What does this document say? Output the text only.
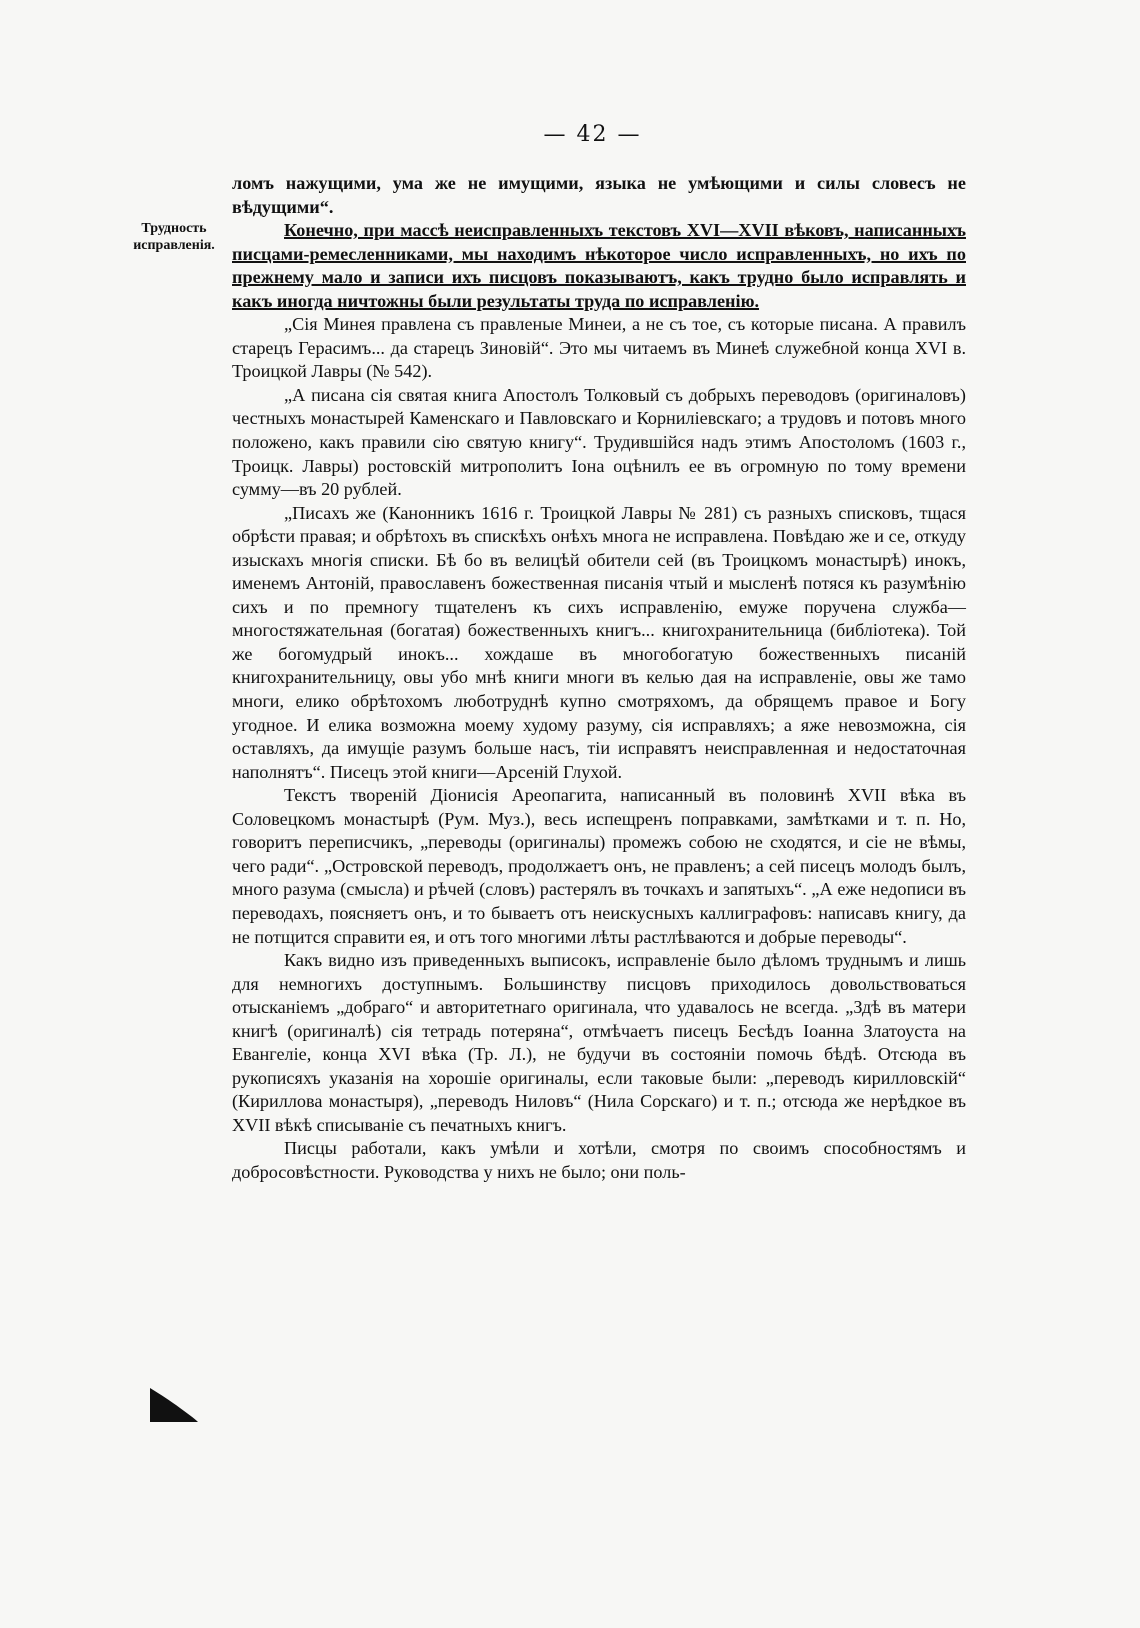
— 42 —
Трудность исправленія.

ломъ нажущими, ума же не имущими, языка не умѣющими и силы словесъ не вѣдущими“.

Конечно, при массѣ неисправленныхъ текстовъ XVI—XVII вѣковъ, написанныхъ писцами-ремесленниками, мы находимъ нѣкоторое число исправленныхъ, но ихъ по прежнему мало и записи ихъ писцовъ показываютъ, какъ трудно было исправлять и какъ иногда ничтожны были результаты труда по исправленію.

„Сія Минея правлена съ правленые Минеи, а не съ тое, съ которые писана. А правилъ старецъ Герасимъ... да старецъ Зиновій“. Это мы читаемъ въ Минеѣ служебной конца XVI в. Троицкой Лавры (№ 542).

„А писана сія святая книга Апостолъ Толковый съ добрыхъ переводовъ (оригиналовъ) честныхъ монастырей Каменскаго и Павловскаго и Корниліевскаго; а трудовъ и потовъ много положено, какъ правили сію святую книгу“. Трудившійся надъ этимъ Апостоломъ (1603 г., Троицк. Лавры) ростовскій митрополитъ Іона оцѣнилъ ее въ огромную по тому времени сумму—въ 20 рублей.

„Писахъ же (Канонникъ 1616 г. Троицкой Лавры № 281) съ разныхъ списковъ, тщася обрѣсти правая; и обрѣтохъ въ спискѣхъ онѣхъ многа не исправлена. Повѣдаю же и се, откуду изыскахъ многія списки. Бѣ бо въ велицѣй обители сей (въ Троицкомъ монастырѣ) инокъ, именемъ Антоній, православенъ божественная писанія чтый и мысленѣ потяся къ разумѣнію сихъ и по премногу тщателенъ къ сихъ исправленію, емуже поручена служба—многостяжательная (богатая) божественныхъ книгъ... книгохранительница (библіотека). Той же богомудрый инокъ... хождаше въ многобогатую божественныхъ писаній книгохранительницу, овы убо мнѣ книги многи въ келью дая на исправленіе, овы же тамо многи, елико обрѣтохомъ люботруднѣ купно смотряхомъ, да обрящемъ правое и Богу угодное. И елика возможна моему худому разуму, сія исправляхъ; а яже невозможна, сія оставляхъ, да имущіе разумъ больше насъ, тіи исправятъ неисправленная и недостаточная наполнятъ“. Писецъ этой книги—Арсеній Глухой.

Текстъ твореній Діонисія Ареопагита, написанный въ половинѣ XVII вѣка въ Соловецкомъ монастырѣ (Рум. Муз.), весь испещренъ поправками, замѣтками и т. п. Но, говоритъ переписчикъ, „переводы (оригиналы) промежъ собою не сходятся, и сіе не вѣмы, чего ради“. „Островской переводъ, продолжаетъ онъ, не правленъ; а сей писецъ молодъ былъ, много разума (смысла) и рѣчей (словъ) растерялъ въ точкахъ и запятыхъ“. „А еже недописи въ переводахъ, поясняетъ онъ, и то бываетъ отъ неискусныхъ каллиграфовъ: написавъ книгу, да не потщится справити ея, и отъ того многими лѣты растлѣваются и добрые переводы“.

Какъ видно изъ приведенныхъ выписокъ, исправленіе было дѣломъ труднымъ и лишь для немногихъ доступнымъ. Большинству писцовъ приходилось довольствоваться отысканіемъ „добраго“ и авторитетнаго оригинала, что удавалось не всегда. „Здѣ въ матери книгѣ (оригиналѣ) сія тетрадь потеряна“, отмѣчаетъ писецъ Бесѣдъ Іоанна Златоуста на Евангеліе, конца XVI вѣка (Тр. Л.), не будучи въ состояніи помочь бѣдѣ. Отсюда въ рукописяхъ указанія на хорошіе оригиналы, если таковые были: „переводъ кирилловскій“ (Кириллова монастыря), „переводъ Ниловъ“ (Нила Сорскаго) и т. п.; отсюда же нерѣдкое въ XVII вѣкѣ списываніе съ печатныхъ книгъ.

Писцы работали, какъ умѣли и хотѣли, смотря по своимъ способностямъ и добросовѣстности. Руководства у нихъ не было; они поль-
